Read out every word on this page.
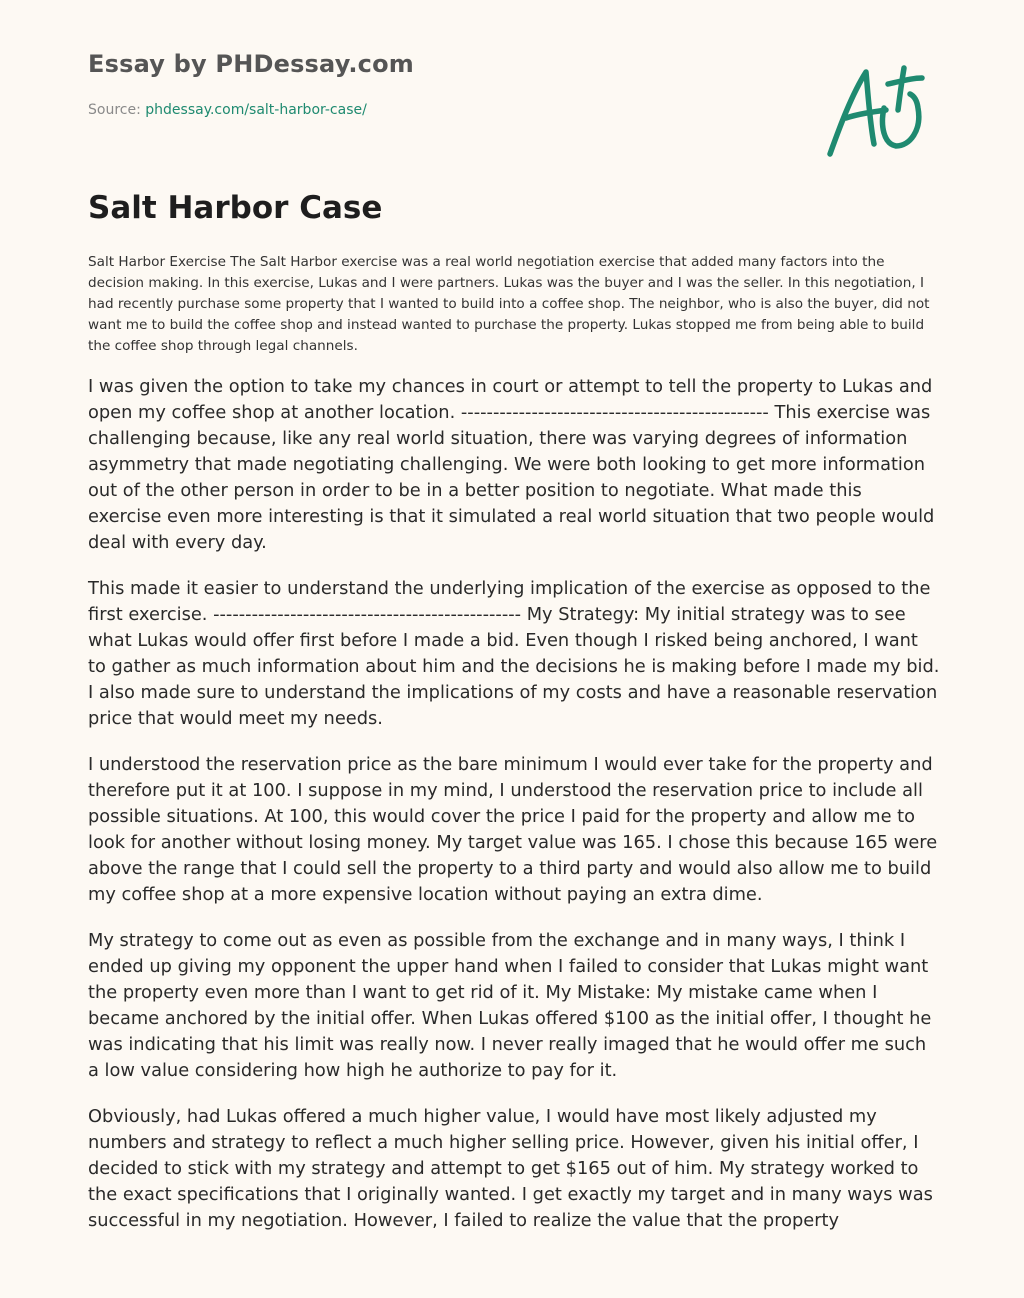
Essay by PHDessay.com
Source: phdessay.com/salt-harbor-case/
Salt Harbor Case

Salt Harbor Exercise The Salt Harbor exercise was a real world negotiation exercise that added many factors into the decision making. In this exercise, Lukas and I were partners. Lukas was the buyer and I was the seller. In this negotiation, I had recently purchase some property that I wanted to build into a coffee shop. The neighbor, who is also the buyer, did not want me to build the coffee shop and instead wanted to purchase the property. Lukas stopped me from being able to build the coffee shop through legal channels.

I was given the option to take my chances in court or attempt to tell the property to Lukas and open my coffee shop at another location. ------------------------------------------------ This exercise was challenging because, like any real world situation, there was varying degrees of information asymmetry that made negotiating challenging. We were both looking to get more information out of the other person in order to be in a better position to negotiate. What made this exercise even more interesting is that it simulated a real world situation that two people would deal with every day.

This made it easier to understand the underlying implication of the exercise as opposed to the first exercise. ------------------------------------------------ My Strategy: My initial strategy was to see what Lukas would offer first before I made a bid. Even though I risked being anchored, I want to gather as much information about him and the decisions he is making before I made my bid. I also made sure to understand the implications of my costs and have a reasonable reservation price that would meet my needs.

I understood the reservation price as the bare minimum I would ever take for the property and therefore put it at 100. I suppose in my mind, I understood the reservation price to include all possible situations. At 100, this would cover the price I paid for the property and allow me to look for another without losing money. My target value was 165. I chose this because 165 were above the range that I could sell the property to a third party and would also allow me to build my coffee shop at a more expensive location without paying an extra dime.

My strategy to come out as even as possible from the exchange and in many ways, I think I ended up giving my opponent the upper hand when I failed to consider that Lukas might want the property even more than I want to get rid of it. My Mistake: My mistake came when I became anchored by the initial offer. When Lukas offered $100 as the initial offer, I thought he was indicating that his limit was really now. I never really imaged that he would offer me such a low value considering how high he authorize to pay for it.

Obviously, had Lukas offered a much higher value, I would have most likely adjusted my numbers and strategy to reflect a much higher selling price. However, given his initial offer, I decided to stick with my strategy and attempt to get $165 out of him. My strategy worked to the exact specifications that I originally wanted. I get exactly my target and in many ways was successful in my negotiation. However, I failed to realize the value that the property
